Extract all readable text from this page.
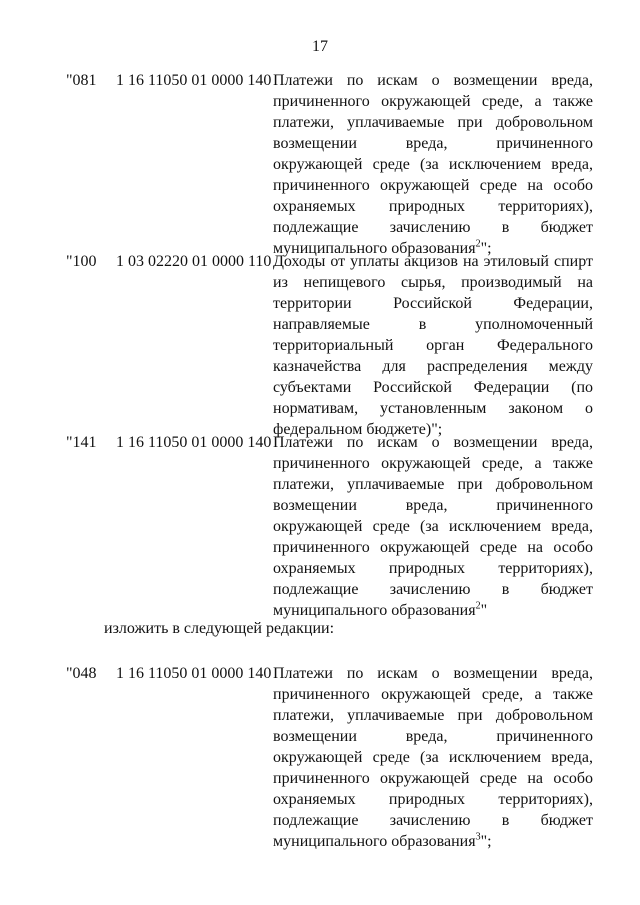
17
"081 1 16 11050 01 0000 140 Платежи по искам о возмещении вреда, причиненного окружающей среде, а также платежи, уплачиваемые при добровольном возмещении вреда, причиненного окружающей среде (за исключением вреда, причиненного окружающей среде на особо охраняемых природных территориях), подлежащие зачислению в бюджет муниципального образования$^2$";
"100 1 03 02220 01 0000 110 Доходы от уплаты акцизов на этиловый спирт из непищевого сырья, производимый на территории Российской Федерации, направляемые в уполномоченный территориальный орган Федерального казначейства для распределения между субъектами Российской Федерации (по нормативам, установленным законом о федеральном бюджете)";
"141 1 16 11050 01 0000 140 Платежи по искам о возмещении вреда, причиненного окружающей среде, а также платежи, уплачиваемые при добровольном возмещении вреда, причиненного окружающей среде (за исключением вреда, причиненного окружающей среде на особо охраняемых природных территориях), подлежащие зачислению в бюджет муниципального образования$^2$"
изложить в следующей редакции:
"048 1 16 11050 01 0000 140 Платежи по искам о возмещении вреда, причиненного окружающей среде, а также платежи, уплачиваемые при добровольном возмещении вреда, причиненного окружающей среде (за исключением вреда, причиненного окружающей среде на особо охраняемых природных территориях), подлежащие зачислению в бюджет муниципального образования$^3$";
